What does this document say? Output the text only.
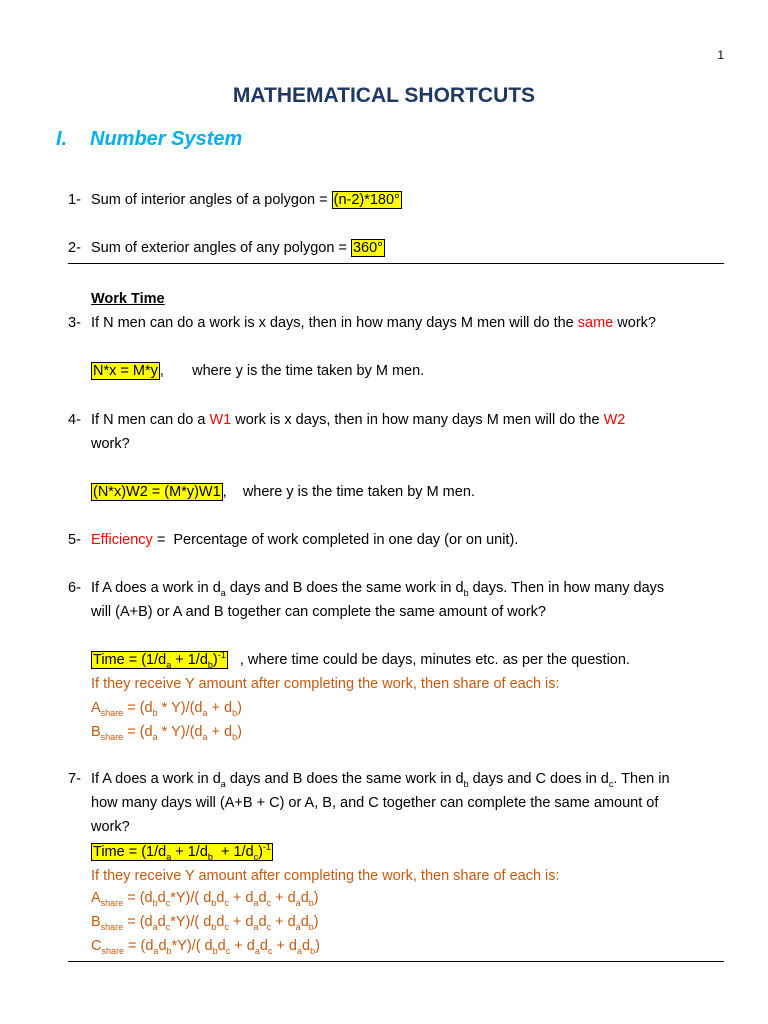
1
MATHEMATICAL SHORTCUTS
I. Number System
1- Sum of interior angles of a polygon = (n-2)*180°
2- Sum of exterior angles of any polygon = 360°
Work Time
3- If N men can do a work is x days, then in how many days M men will do the same work?
N*x = M*y ,       where y is the time taken by M men.
4- If N men can do a W1 work is x days, then in how many days M men will do the W2
work?
(N*x)W2 = (M*y)W1 ,    where y is the time taken by M men.
5- Efficiency =  Percentage of work completed in one day (or on unit).
6- If A does a work in $d_a$ days and B does the same work in $d_b$ days. Then in how many days
will (A+B) or A and B together can complete the same amount of work?
Time = $(1/d_a + 1/d_b)^{-1}$   , where time could be days, minutes etc. as per the question.
If they receive Y amount after completing the work, then share of each is:
$A_{share} = (d_b * Y)/(d_a + d_b)$
$B_{share} = (d_a * Y)/(d_a + d_b)$
7- If A does a work in $d_a$ days and B does the same work in $d_b$ days and C does in $d_c$. Then in
how many days will (A+B + C) or A, B, and C together can complete the same amount of
work?
Time = $(1/d_a + 1/d_b + 1/d_c)^{-1}$
If they receive Y amount after completing the work, then share of each is:
$A_{share} = (d_bd_c*Y)/$( $d_bd_c + d_ad_c + d_ad_b$)
$B_{share} = (d_ad_c*Y)/$( $d_bd_c + d_ad_c + d_ad_b$)
$C_{share} = (d_ad_b*Y)/$( $d_bd_c + d_ad_c + d_ad_b$)
